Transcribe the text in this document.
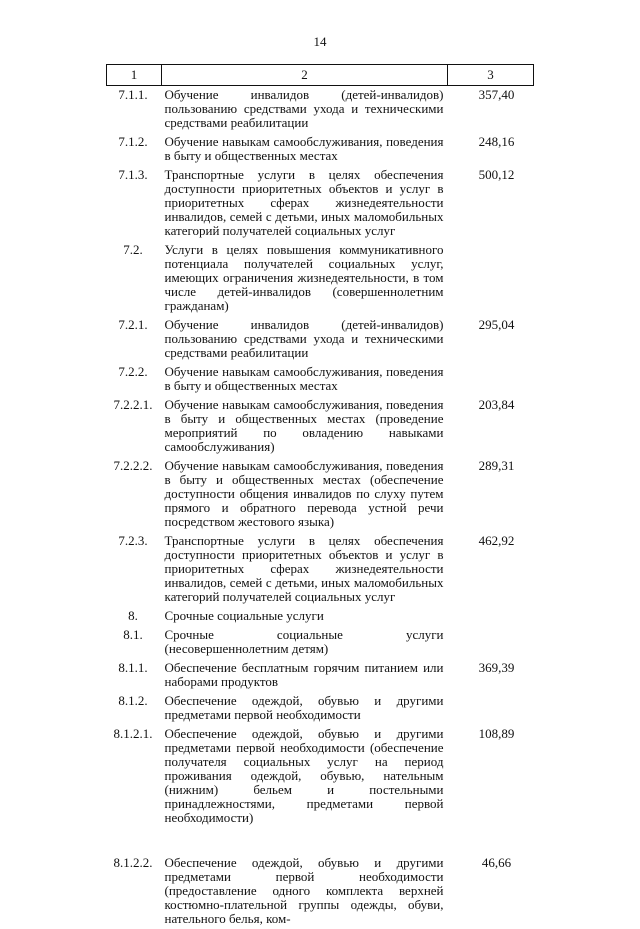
14
1	2	3
7.1.1.	Обучение инвалидов (детей-инвалидов) пользованию средствами ухода и техническими средствами реабилитации	357,40
7.1.2.	Обучение навыкам самообслуживания, поведения в быту и общественных местах	248,16
7.1.3.	Транспортные услуги в целях обеспечения доступности приоритетных объектов и услуг в приоритетных сферах жизнедеятельности инвалидов, семей с детьми, иных маломобильных категорий получателей социальных услуг	500,12
7.2.	Услуги в целях повышения коммуникативного потенциала получателей социальных услуг, имеющих ограничения жизнедеятельности, в том числе детей-инвалидов (совершеннолетним гражданам)	
7.2.1.	Обучение инвалидов (детей-инвалидов) пользованию средствами ухода и техническими средствами реабилитации	295,04
7.2.2.	Обучение навыкам самообслуживания, поведения в быту и общественных местах	
7.2.2.1.	Обучение навыкам самообслуживания, поведения в быту и общественных местах (проведение мероприятий по овладению навыками самообслуживания)	203,84
7.2.2.2.	Обучение навыкам самообслуживания, поведения в быту и общественных местах (обеспечение доступности общения инвалидов по слуху путем прямого и обратного перевода устной речи посредством жестового языка)	289,31
7.2.3.	Транспортные услуги в целях обеспечения доступности приоритетных объектов и услуг в приоритетных сферах жизнедеятельности инвалидов, семей с детьми, иных маломобильных категорий получателей социальных услуг	462,92
8.	Срочные социальные услуги	
8.1.	Срочные социальные услуги (несовершеннолетним детям)	
8.1.1.	Обеспечение бесплатным горячим питанием или наборами продуктов	369,39
8.1.2.	Обеспечение одеждой, обувью и другими предметами первой необходимости	
8.1.2.1.	Обеспечение одеждой, обувью и другими предметами первой необходимости (обеспечение получателя социальных услуг на период проживания одеждой, обувью, нательным (нижним) бельем и постельными принадлежностями, предметами первой необходимости)	108,89

8.1.2.2.	Обеспечение одеждой, обувью и другими предметами первой необходимости (предоставление одного комплекта верхней костюмно-плательной группы одежды, обуви, нательного белья, ком-	46,66
